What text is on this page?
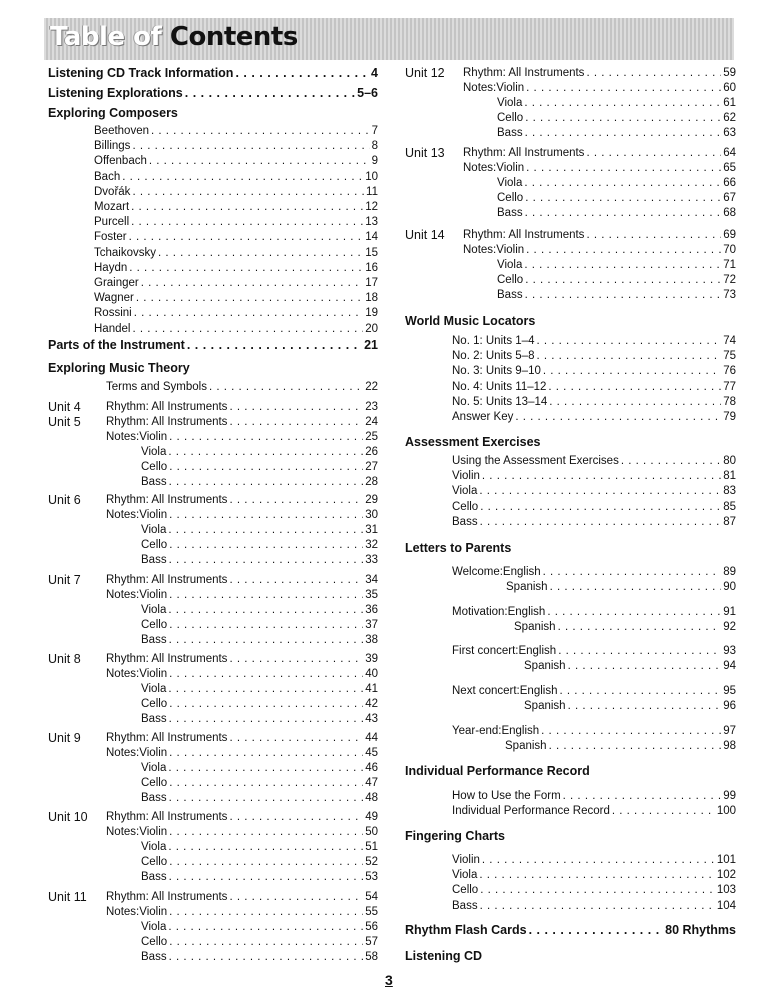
Table of Contents
Listening CD Track Information . . .	4
Listening Explorations . . .	5–6
Exploring Composers
Beethoven . . .	7
Billings . . .	8
Offenbach . . .	9
Bach . . .	10
Dvořák . . .	11
Mozart . . .	12
Purcell . . .	13
Foster . . .	14
Tchaikovsky . . .	15
Haydn . . .	16
Grainger . . .	17
Wagner . . .	18
Rossini . . .	19
Handel . . .	20
Parts of the Instrument . . .	21
Exploring Music Theory
Terms and Symbols . . .	22
Unit 4 Rhythm: All Instruments . . .	23
Unit 5 Rhythm: All Instruments . . .	24
Notes: Violin . . .	25
Viola . . .	26
Cello . . .	27
Bass . . .	28
Unit 6 Rhythm: All Instruments . . .	29
Notes: Violin . . .	30
Viola . . .	31
Cello . . .	32
Bass . . .	33
Unit 7 Rhythm: All Instruments . . .	34
Notes: Violin . . .	35
Viola . . .	36
Cello . . .	37
Bass . . .	38
Unit 8 Rhythm: All Instruments . . .	39
Notes: Violin . . .	40
Viola . . .	41
Cello . . .	42
Bass . . .	43
Unit 9 Rhythm: All Instruments . . .	44
Notes: Violin . . .	45
Viola . . .	46
Cello . . .	47
Bass . . .	48
Unit 10 Rhythm: All Instruments . . .	49
Notes: Violin . . .	50
Viola . . .	51
Cello . . .	52
Bass . . .	53
Unit 11 Rhythm: All Instruments . . .	54
Notes: Violin . . .	55
Viola . . .	56
Cello . . .	57
Bass . . .	58
Unit 12 Rhythm: All Instruments . . .	59
Notes: Violin . . .	60
Viola . . .	61
Cello . . .	62
Bass . . .	63
Unit 13 Rhythm: All Instruments . . .	64
Notes: Violin . . .	65
Viola . . .	66
Cello . . .	67
Bass . . .	68
Unit 14 Rhythm: All Instruments . . .	69
Notes: Violin . . .	70
Viola . . .	71
Cello . . .	72
Bass . . .	73
World Music Locators
No. 1: Units 1–4 . . .	74
No. 2: Units 5–8 . . .	75
No. 3: Units 9–10 . . .	76
No. 4: Units 11–12 . . .	77
No. 5: Units 13–14 . . .	78
Answer Key . . .	79
Assessment Exercises
Using the Assessment Exercises . . .	80
Violin . . .	81
Viola . . .	83
Cello . . .	85
Bass . . .	87
Letters to Parents
Welcome: English . . .	89
Spanish . . .	90
Motivation: English . . .	91
Spanish . . .	92
First concert: English . . .	93
Spanish . . .	94
Next concert: English . . .	95
Spanish . . .	96
Year-end: English . . .	97
Spanish . . .	98
Individual Performance Record
How to Use the Form . . .	99
Individual Performance Record . . .	100
Fingering Charts
Violin . . .	101
Viola . . .	102
Cello . . .	103
Bass . . .	104
Rhythm Flash Cards . . .	80 Rhythms
Listening CD
3
